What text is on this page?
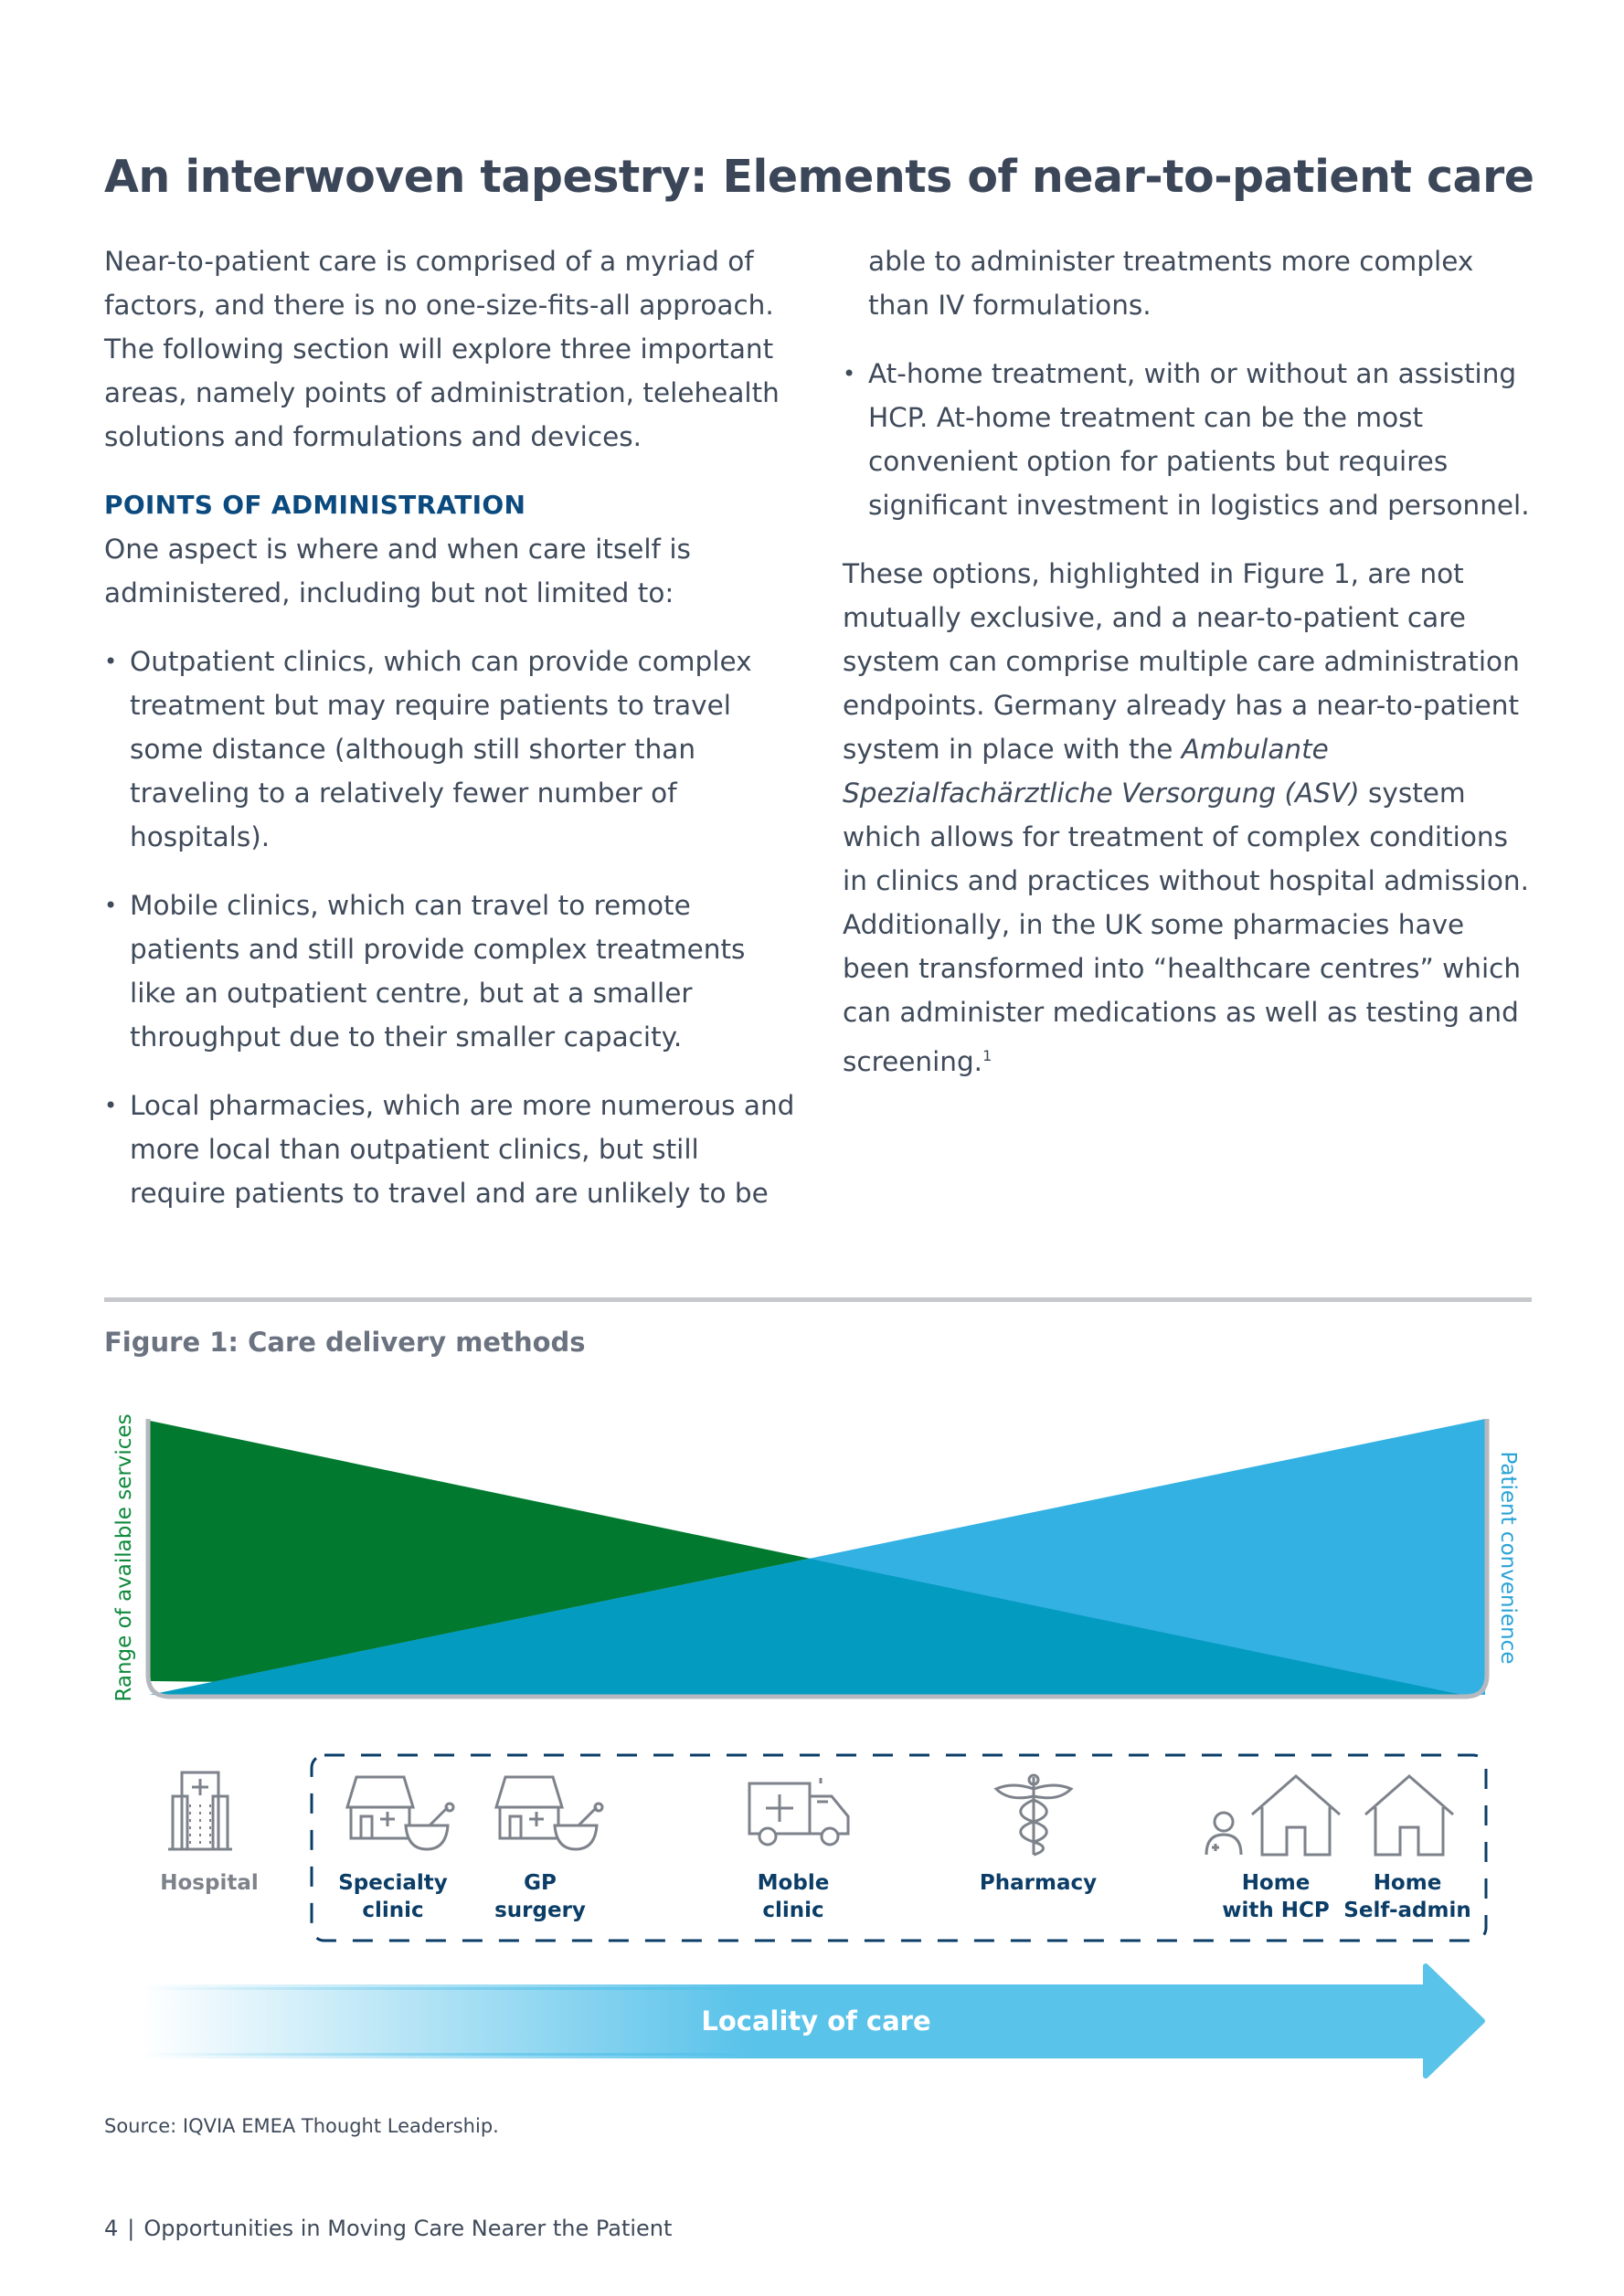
An interwoven tapestry: Elements of near-to-patient care

Near-to-patient care is comprised of a myriad of factors, and there is no one-size-fits-all approach. The following section will explore three important areas, namely points of administration, telehealth solutions and formulations and devices.

POINTS OF ADMINISTRATION

One aspect is where and when care itself is administered, including but not limited to:

• Outpatient clinics, which can provide complex treatment but may require patients to travel some distance (although still shorter than traveling to a relatively fewer number of hospitals).
• Mobile clinics, which can travel to remote patients and still provide complex treatments like an outpatient centre, but at a smaller throughput due to their smaller capacity.
• Local pharmacies, which are more numerous and more local than outpatient clinics, but still require patients to travel and are unlikely to be
able to administer treatments more complex than IV formulations.
• At-home treatment, with or without an assisting HCP. At-home treatment can be the most convenient option for patients but requires significant investment in logistics and personnel.

These options, highlighted in Figure 1, are not mutually exclusive, and a near-to-patient care system can comprise multiple care administration endpoints. Germany already has a near-to-patient system in place with the Ambulante Spezialfachärztliche Versorgung (ASV) system which allows for treatment of complex conditions in clinics and practices without hospital admission. Additionally, in the UK some pharmacies have been transformed into “healthcare centres” which can administer medications as well as testing and screening.$^1$

Figure 1: Care delivery methods
Range of available services	Patient convenience
Hospital	Specialty clinic
GP surgery
Moble clinic
Pharmacy	Home with HCP
Home Self-admin
Locality of care
Source: IQVIA EMEA Thought Leadership.
4 | Opportunities in Moving Care Nearer the Patient
